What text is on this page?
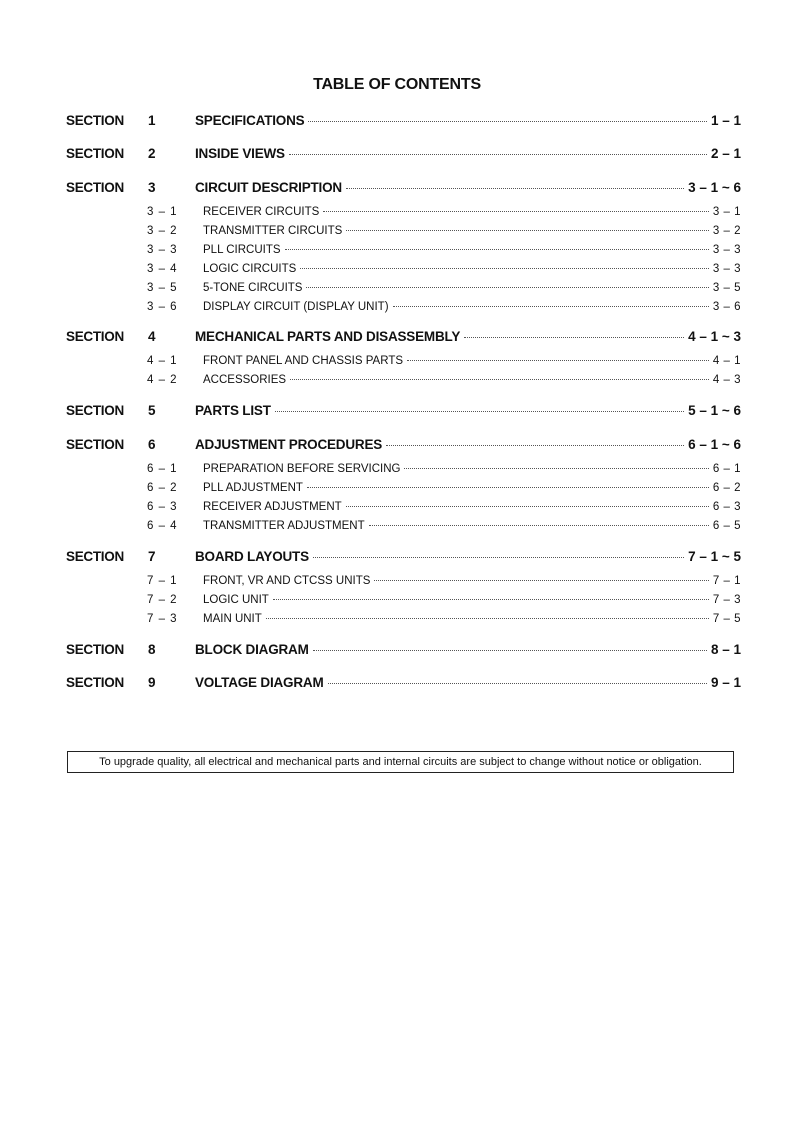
TABLE OF CONTENTS
SECTION 1	SPECIFICATIONS	1 – 1
SECTION 2	INSIDE VIEWS	2 – 1
SECTION 3	CIRCUIT DESCRIPTION	3 – 1 ~ 6
3 – 1 RECEIVER CIRCUITS	3 – 1
3 – 2 TRANSMITTER CIRCUITS	3 – 2
3 – 3 PLL CIRCUITS	3 – 3
3 – 4 LOGIC CIRCUITS	3 – 3
3 – 5 5-TONE CIRCUITS	3 – 5
3 – 6 DISPLAY CIRCUIT (DISPLAY UNIT)	3 – 6
SECTION 4	MECHANICAL PARTS AND DISASSEMBLY	4 – 1 ~ 3
4 – 1 FRONT PANEL AND CHASSIS PARTS	4 – 1
4 – 2 ACCESSORIES	4 – 3
SECTION 5	PARTS LIST	5 – 1 ~ 6
SECTION 6	ADJUSTMENT PROCEDURES	6 – 1 ~ 6
6 – 1 PREPARATION BEFORE SERVICING	6 – 1
6 – 2 PLL ADJUSTMENT	6 – 2
6 – 3 RECEIVER ADJUSTMENT	6 – 3
6 – 4 TRANSMITTER ADJUSTMENT	6 – 5
SECTION 7	BOARD LAYOUTS	7 – 1 ~ 5
7 – 1 FRONT, VR AND CTCSS UNITS	7 – 1
7 – 2 LOGIC UNIT	7 – 3
7 – 3 MAIN UNIT	7 – 5
SECTION 8	BLOCK DIAGRAM	8 – 1
SECTION 9	VOLTAGE DIAGRAM	9 – 1
To upgrade quality, all electrical and mechanical parts and internal circuits are subject to change without notice or obligation.
